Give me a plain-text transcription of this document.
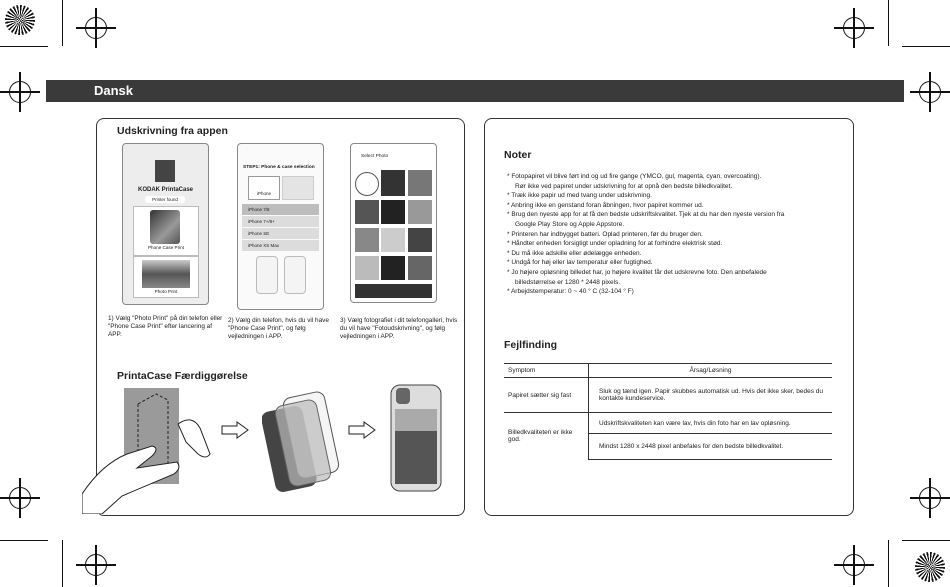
Dansk
Udskrivning fra appen
KODAK PrintaCase
Printer found
Phone Case Print
Photo Print
STEP1: Phone & case selection
iPhone
iPhone 7/8
iPhone 7+/8+
iPhone SE
iPhone XS Max
Select Photo
1) Vælg "Photo Print" på din telefon eller "Phone Case Print" efter lancering af APP.
2) Vælg din telefon, hvis du vil have "Phone Case Print", og følg vejledningen i APP.
3) Vælg fotografiet i dit telefongalleri, hvis du vil have "Fotoudskrivning", og følg vejledningen i APP.
PrintaCase Færdiggørelse
Noter
* Fotopapiret vil blive ført ind og ud fire gange (YMCO, gul, magenta, cyan, overcoating).
Rør ikke ved papiret under udskrivning for at opnå den bedste billedkvalitet.
* Træk ikke papir ud med tvang under udskrivning.
* Anbring ikke en genstand foran åbningen, hvor papiret kommer ud.
* Brug den nyeste app for at få den bedste udskriftskvalitet. Tjek at du har den nyeste version fra
Google Play Store og Apple Appstore.
* Printeren har indbygget batteri. Oplad printeren, før du bruger den.
* Håndter enheden forsigtigt under opladning for at forhindre elektrisk stød.
* Du må ikke adskille eller ødelægge enheden.
* Undgå for høj eller lav temperatur eller fugtighed.
* Jo højere opløsning billedet har, jo højere kvalitet får det udskrevne foto. Den anbefalede
billedstørrelse er 1280 * 2448 pixels.
* Arbejdstemperatur: 0 ~ 40 ° C (32-104 ° F)
Fejlfinding
Symptom	Årsag/Løsning
Papiret sætter sig fast	Sluk og tænd igen. Papir skubbes automatisk ud. Hvis det ikke sker, bedes du kontakte kundeservice.
Billedkvaliteten er ikke god.	Udskriftskvaliteten kan være lav, hvis din foto har en lav opløsning.
	Mindst 1280 x 2448 pixel anbefales for den bedste billedkvalitet.
